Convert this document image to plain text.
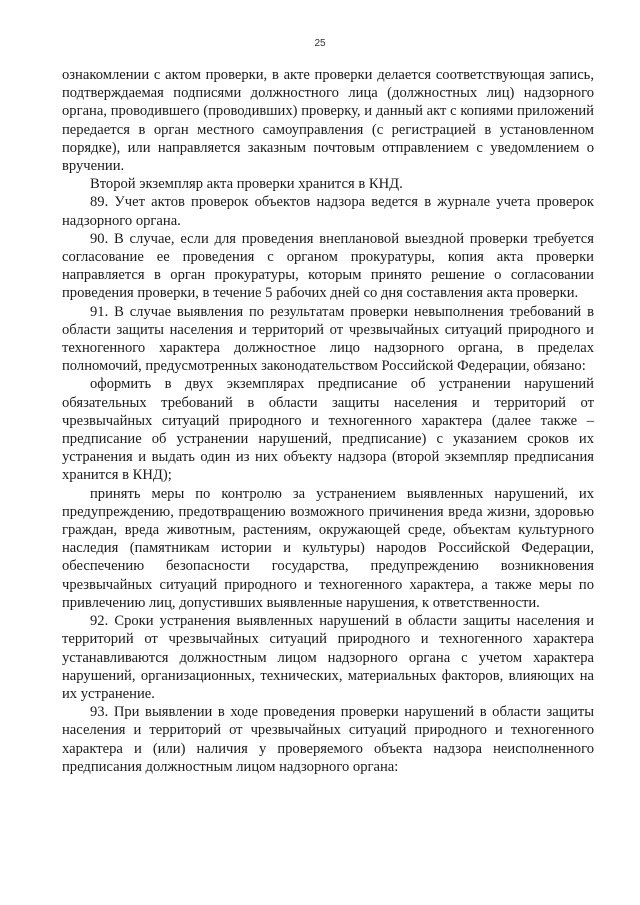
25

ознакомлении с актом проверки, в акте проверки делается соответствующая запись, подтверждаемая подписями должностного лица (должностных лиц) надзорного органа, проводившего (проводивших) проверку, и данный акт с копиями приложений передается в орган местного самоуправления (с регистрацией в установленном порядке), или направляется заказным почтовым отправлением с уведомлением о вручении.

Второй экземпляр акта проверки хранится в КНД.

89. Учет актов проверок объектов надзора ведется в журнале учета проверок надзорного органа.

90. В случае, если для проведения внеплановой выездной проверки требуется согласование ее проведения с органом прокуратуры, копия акта проверки направляется в орган прокуратуры, которым принято решение о согласовании проведения проверки, в течение 5 рабочих дней со дня составления акта проверки.

91. В случае выявления по результатам проверки невыполнения требований в области защиты населения и территорий от чрезвычайных ситуаций природного и техногенного характера должностное лицо надзорного органа, в пределах полномочий, предусмотренных законодательством Российской Федерации, обязано:

оформить в двух экземплярах предписание об устранении нарушений обязательных требований в области защиты населения и территорий от чрезвычайных ситуаций природного и техногенного характера (далее также – предписание об устранении нарушений, предписание) с указанием сроков их устранения и выдать один из них объекту надзора (второй экземпляр предписания хранится в КНД);

принять меры по контролю за устранением выявленных нарушений, их предупреждению, предотвращению возможного причинения вреда жизни, здоровью граждан, вреда животным, растениям, окружающей среде, объектам культурного наследия (памятникам истории и культуры) народов Российской Федерации, обеспечению безопасности государства, предупреждению возникновения чрезвычайных ситуаций природного и техногенного характера, а также меры по привлечению лиц, допустивших выявленные нарушения, к ответственности.

92. Сроки устранения выявленных нарушений в области защиты населения и территорий от чрезвычайных ситуаций природного и техногенного характера устанавливаются должностным лицом надзорного органа с учетом характера нарушений, организационных, технических, материальных факторов, влияющих на их устранение.

93. При выявлении в ходе проведения проверки нарушений в области защиты населения и территорий от чрезвычайных ситуаций природного и техногенного характера и (или) наличия у проверяемого объекта надзора неисполненного предписания должностным лицом надзорного органа:
